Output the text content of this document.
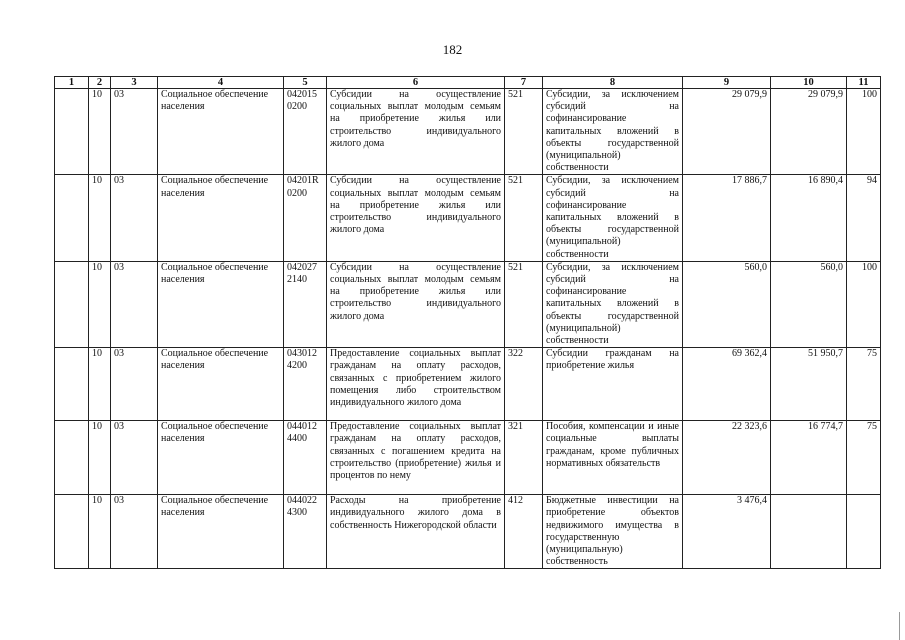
182
1	2	3	4	5	6	7	8	9	10	11
	10	03	Социальное обеспечение населения	042015 0200	Субсидии на осуществление социальных выплат молодым семьям на приобретение жилья или строительство индивидуального жилого дома	521	Субсидии, за исключением субсидий на софинансирование капитальных вложений в объекты государственной (муниципальной) собственности	29 079,9	29 079,9	100
	10	03	Социальное обеспечение населения	04201R 0200	Субсидии на осуществление социальных выплат молодым семьям на приобретение жилья или строительство индивидуального жилого дома	521	Субсидии, за исключением субсидий на софинансирование капитальных вложений в объекты государственной (муниципальной) собственности	17 886,7	16 890,4	94
	10	03	Социальное обеспечение населения	042027 2140	Субсидии на осуществление социальных выплат молодым семьям на приобретение жилья или строительство индивидуального жилого дома	521	Субсидии, за исключением субсидий на софинансирование капитальных вложений в объекты государственной (муниципальной) собственности	560,0	560,0	100
	10	03	Социальное обеспечение населения	043012 4200	Предоставление социальных выплат гражданам на оплату расходов, связанных с приобретением жилого помещения либо строительством индивидуального жилого дома	322	Субсидии гражданам на приобретение жилья	69 362,4	51 950,7	75
	10	03	Социальное обеспечение населения	044012 4400	Предоставление социальных выплат гражданам на оплату расходов, связанных с погашением кредита на строительство (приобретение) жилья и процентов по нему	321	Пособия, компенсации и иные социальные выплаты гражданам, кроме публичных нормативных обязательств	22 323,6	16 774,7	75
	10	03	Социальное обеспечение населения	044022 4300	Расходы на приобретение индивидуального жилого дома в собственность Нижегородской области	412	Бюджетные инвестиции на приобретение объектов недвижимого имущества в государственную (муниципальную) собственность	3 476,4		
